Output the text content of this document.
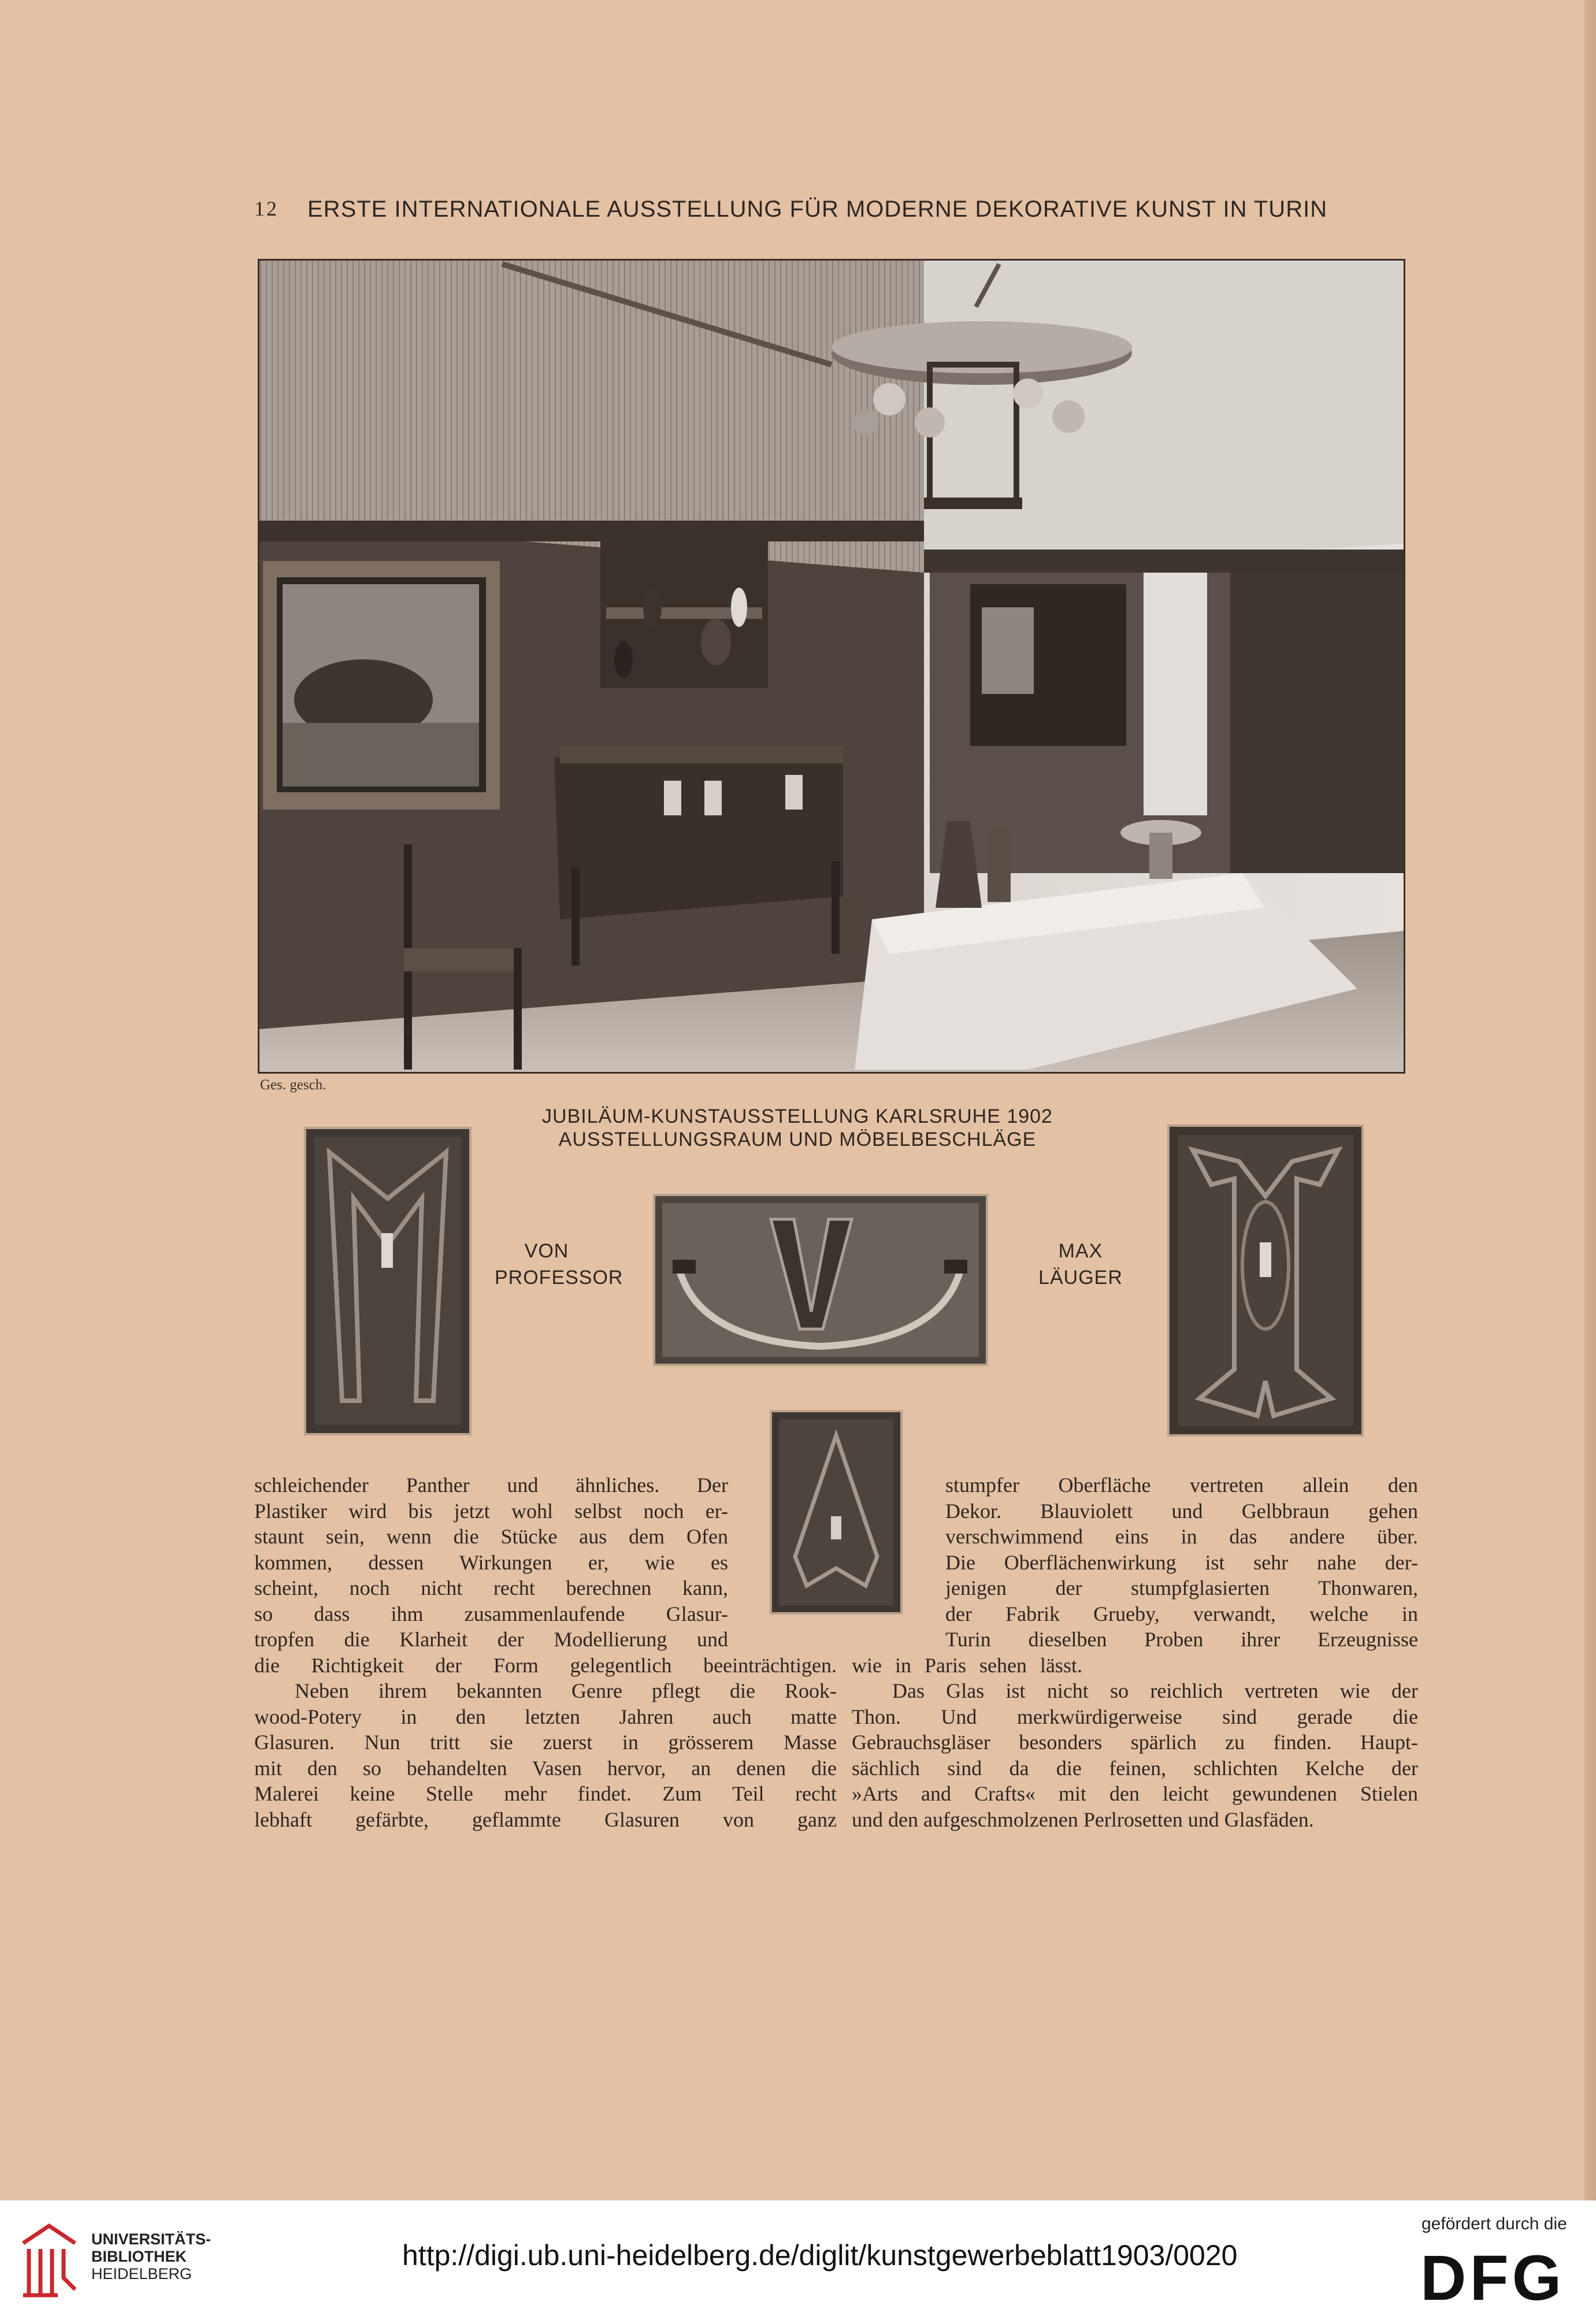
12 ERSTE INTERNATIONALE AUSSTELLUNG FÜR MODERNE DEKORATIVE KUNST IN TURIN
Ges. gesch.
JUBILÄUM-KUNSTAUSSTELLUNG KARLSRUHE 1902
AUSSTELLUNGSRAUM UND MÖBELBESCHLÄGE
VON
PROFESSOR
MAX
LÄUGER
schleichender Panther und ähnliches. Der
Plastiker wird bis jetzt wohl selbst noch er-
staunt sein, wenn die Stücke aus dem Ofen
kommen, dessen Wirkungen er, wie es
scheint, noch nicht recht berechnen kann,
so dass ihm zusammenlaufende Glasur-
tropfen die Klarheit der Modellierung und
die Richtigkeit der Form gelegentlich beeinträchtigen.
Neben ihrem bekannten Genre pflegt die Rook-
wood-Potery in den letzten Jahren auch matte
Glasuren. Nun tritt sie zuerst in grösserem Masse
mit den so behandelten Vasen hervor, an denen die
Malerei keine Stelle mehr findet. Zum Teil recht
lebhaft gefärbte, geflammte Glasuren von ganz
stumpfer Oberfläche vertreten allein den
Dekor. Blauviolett und Gelbbraun gehen
verschwimmend eins in das andere über.
Die Oberflächenwirkung ist sehr nahe der-
jenigen der stumpfglasierten Thonwaren,
der Fabrik Grueby, verwandt, welche in
Turin dieselben Proben ihrer Erzeugnisse
wie in Paris sehen lässt.
Das Glas ist nicht so reichlich vertreten wie der
Thon. Und merkwürdigerweise sind gerade die
Gebrauchsgläser besonders spärlich zu finden. Haupt-
sächlich sind da die feinen, schlichten Kelche der
»Arts and Crafts« mit den leicht gewundenen Stielen
und den aufgeschmolzenen Perlrosetten und Glasfäden.
UNIVERSITÄTS-
BIBLIOTHEK
HEIDELBERG
http://digi.ub.uni-heidelberg.de/diglit/kunstgewerbeblatt1903/0020
gefördert durch die
DFG
